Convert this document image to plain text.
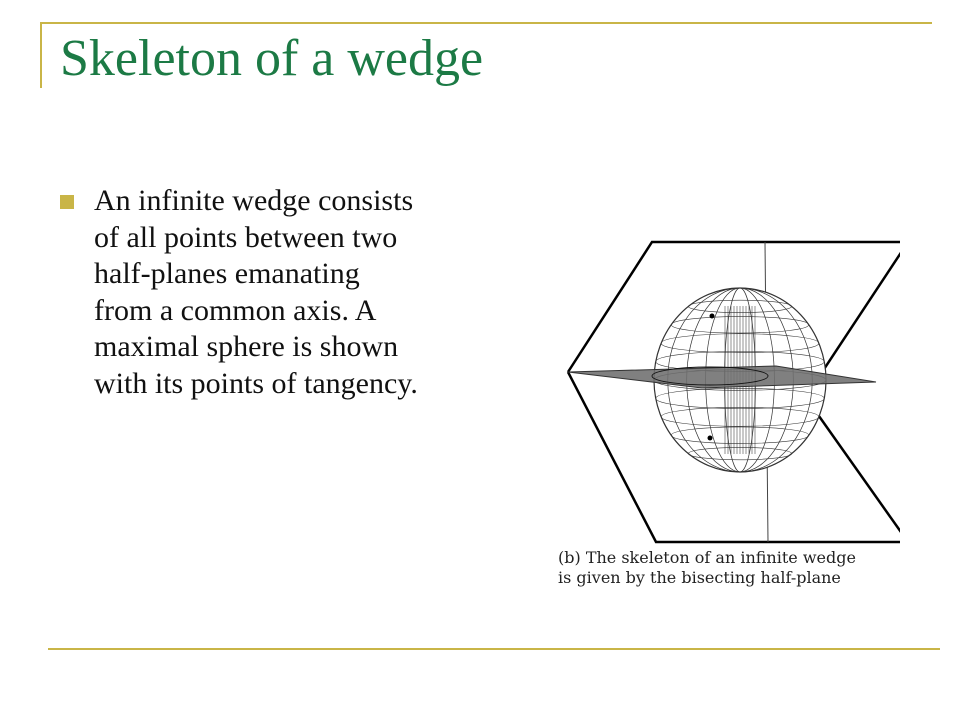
Skeleton of a wedge

An infinite wedge consists of all points between two half-planes emanating from a common axis. A maximal sphere is shown with its points of tangency.

(b) The skeleton of an infinite wedge
is given by the bisecting half-plane
